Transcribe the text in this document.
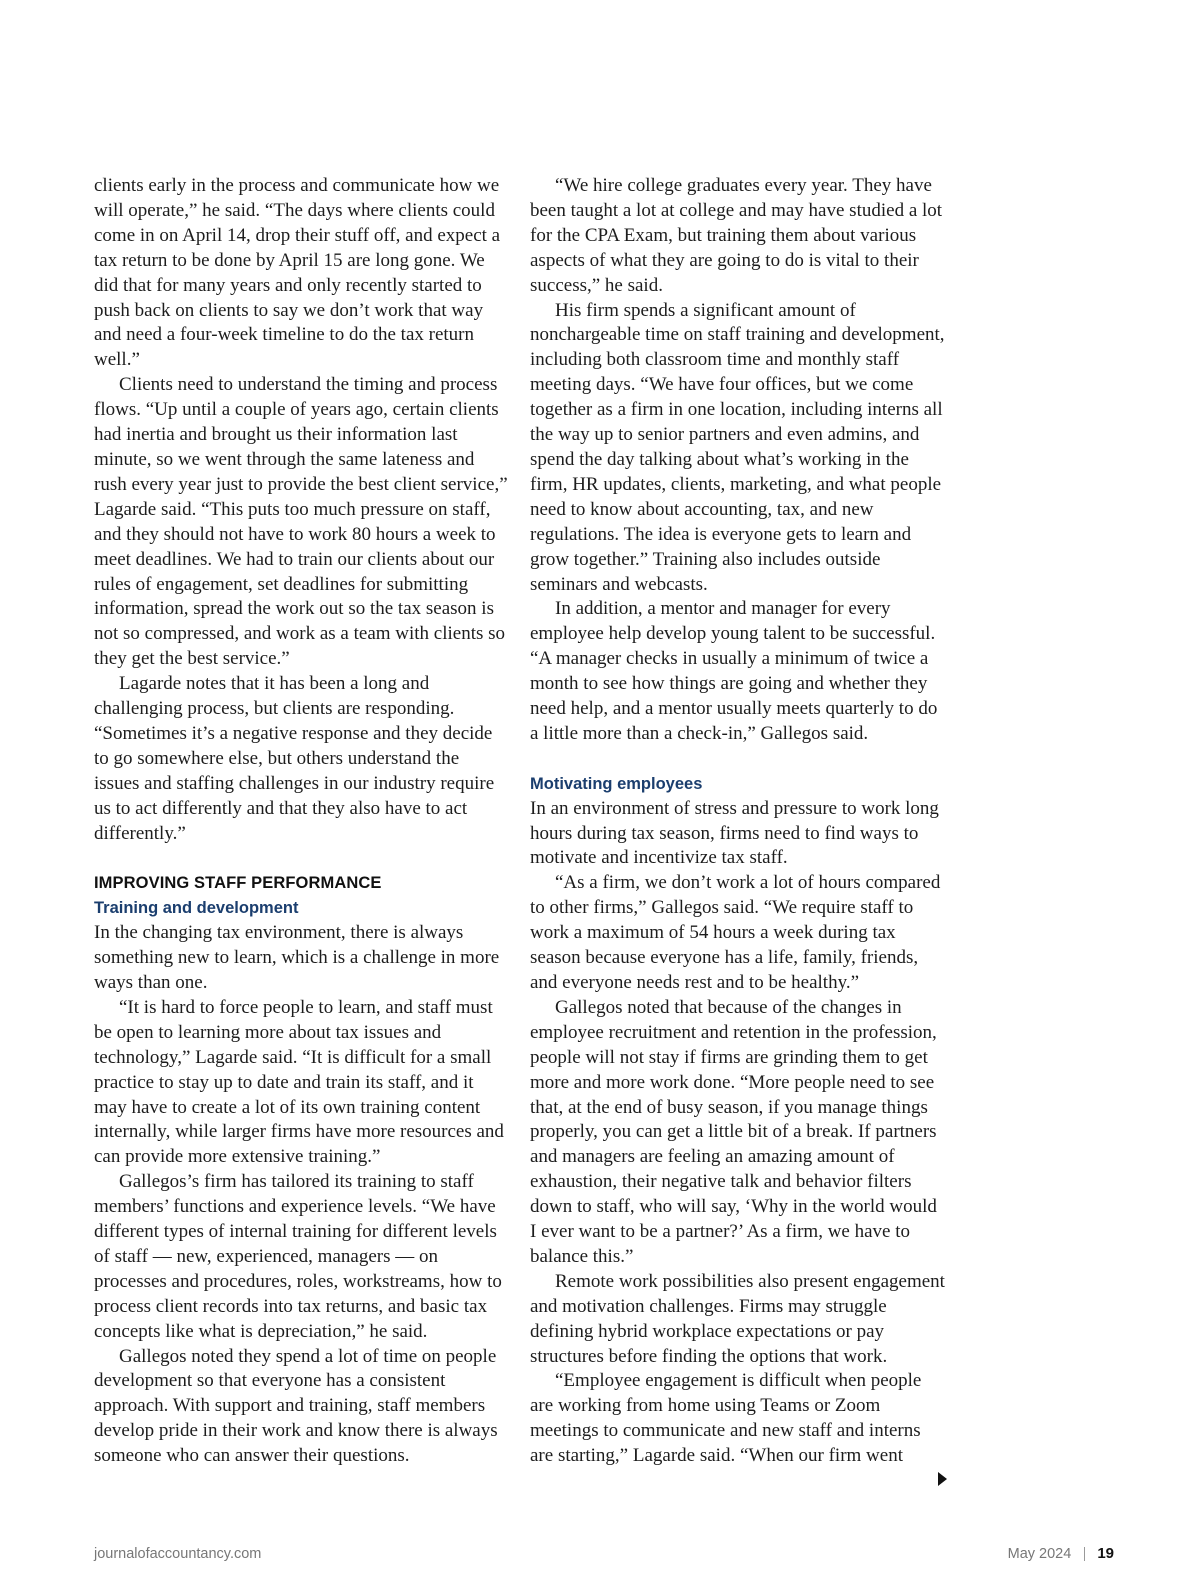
clients early in the process and communicate how we will operate,” he said. “The days where clients could come in on April 14, drop their stuff off, and expect a tax return to be done by April 15 are long gone. We did that for many years and only recently started to push back on clients to say we don’t work that way and need a four-week timeline to do the tax return well.”

Clients need to understand the timing and process flows. “Up until a couple of years ago, certain clients had inertia and brought us their information last minute, so we went through the same lateness and rush every year just to provide the best client service,” Lagarde said. “This puts too much pressure on staff, and they should not have to work 80 hours a week to meet deadlines. We had to train our clients about our rules of engagement, set deadlines for submitting information, spread the work out so the tax season is not so compressed, and work as a team with clients so they get the best service.”

Lagarde notes that it has been a long and challenging process, but clients are responding. “Sometimes it’s a negative response and they decide to go somewhere else, but others understand the issues and staffing challenges in our industry require us to act differently and that they also have to act differently.”

IMPROVING STAFF PERFORMANCE
Training and development

In the changing tax environment, there is always something new to learn, which is a challenge in more ways than one.

“It is hard to force people to learn, and staff must be open to learning more about tax issues and technology,” Lagarde said. “It is difficult for a small practice to stay up to date and train its staff, and it may have to create a lot of its own training content internally, while larger firms have more resources and can provide more extensive training.”

Gallegos’s firm has tailored its training to staff members’ functions and experience levels. “We have different types of internal training for different levels of staff — new, experienced, managers — on processes and procedures, roles, workstreams, how to process client records into tax returns, and basic tax concepts like what is depreciation,” he said.

Gallegos noted they spend a lot of time on people development so that everyone has a consistent approach. With support and training, staff members develop pride in their work and know there is always someone who can answer their questions.

“We hire college graduates every year. They have been taught a lot at college and may have studied a lot for the CPA Exam, but training them about various aspects of what they are going to do is vital to their success,” he said.

His firm spends a significant amount of nonchargeable time on staff training and development, including both classroom time and monthly staff meeting days. “We have four offices, but we come together as a firm in one location, including interns all the way up to senior partners and even admins, and spend the day talking about what’s working in the firm, HR updates, clients, marketing, and what people need to know about accounting, tax, and new regulations. The idea is everyone gets to learn and grow together.” Training also includes outside seminars and webcasts.

In addition, a mentor and manager for every employee help develop young talent to be successful. “A manager checks in usually a minimum of twice a month to see how things are going and whether they need help, and a mentor usually meets quarterly to do a little more than a check-in,” Gallegos said.

Motivating employees

In an environment of stress and pressure to work long hours during tax season, firms need to find ways to motivate and incentivize tax staff.

“As a firm, we don’t work a lot of hours compared to other firms,” Gallegos said. “We require staff to work a maximum of 54 hours a week during tax season because everyone has a life, family, friends, and everyone needs rest and to be healthy.”

Gallegos noted that because of the changes in employee recruitment and retention in the profession, people will not stay if firms are grinding them to get more and more work done. “More people need to see that, at the end of busy season, if you manage things properly, you can get a little bit of a break. If partners and managers are feeling an amazing amount of exhaustion, their negative talk and behavior filters down to staff, who will say, ‘Why in the world would I ever want to be a partner?’ As a firm, we have to balance this.”

Remote work possibilities also present engagement and motivation challenges. Firms may struggle defining hybrid workplace expectations or pay structures before finding the options that work.

“Employee engagement is difficult when people are working from home using Teams or Zoom meetings to communicate and new staff and interns are starting,” Lagarde said. “When our firm went

journalofaccountancy.com	May 2024 19
